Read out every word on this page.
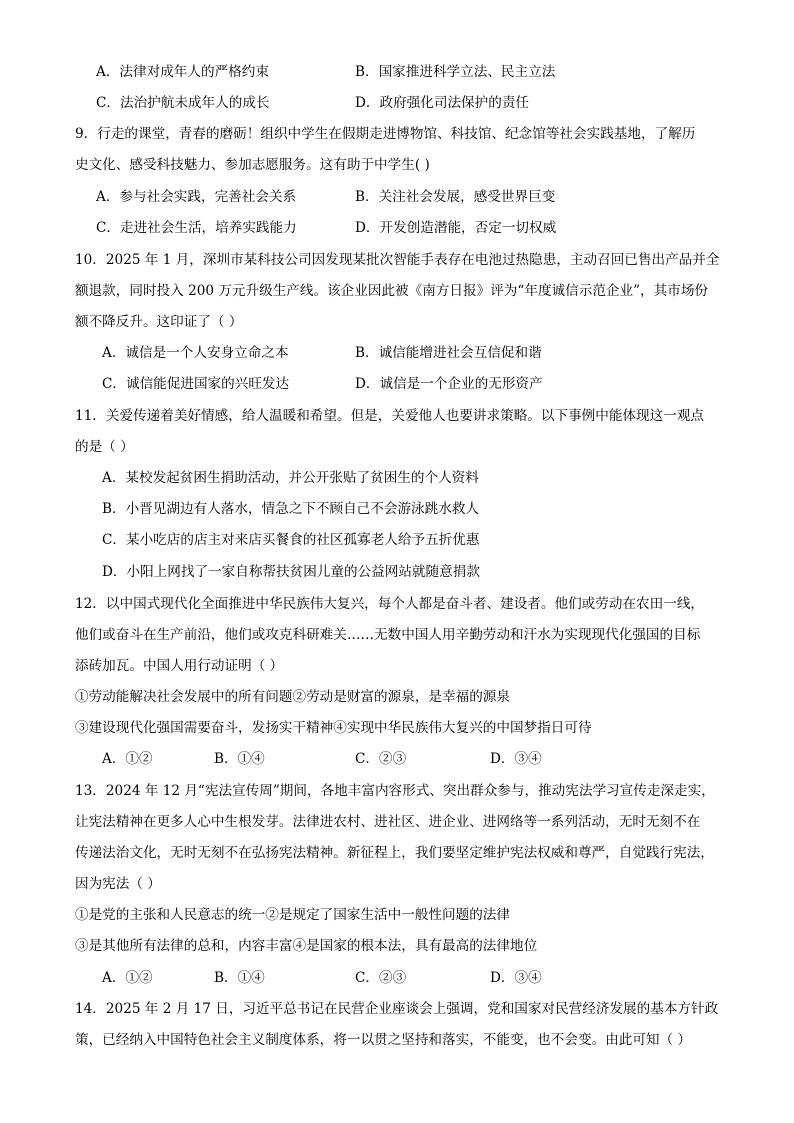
A．法律对成年人的严格约束	B．国家推进科学立法、民主立法
C．法治护航未成年人的成长	D．政府强化司法保护的责任
9．行走的课堂，青春的磨砺！组织中学生在假期走进博物馆、科技馆、纪念馆等社会实践基地，了解历
史文化、感受科技魅力、参加志愿服务。这有助于中学生( )
A．参与社会实践，完善社会关系	B．关注社会发展，感受世界巨变
C．走进社会生活，培养实践能力	D．开发创造潜能，否定一切权威
10．2025 年 1 月，深圳市某科技公司因发现某批次智能手表存在电池过热隐患，主动召回已售出产品并全
额退款，同时投入 200 万元升级生产线。该企业因此被《南方日报》评为“年度诚信示范企业”，其市场份
额不降反升。这印证了（ ）
A．诚信是一个人安身立命之本	B．诚信能增进社会互信促和谐
C．诚信能促进国家的兴旺发达	D．诚信是一个企业的无形资产
11．关爱传递着美好情感，给人温暖和希望。但是，关爱他人也要讲求策略。以下事例中能体现这一观点
的是（ ）
A．某校发起贫困生捐助活动，并公开张贴了贫困生的个人资料
B．小晋见湖边有人落水，情急之下不顾自己不会游泳跳水救人
C．某小吃店的店主对来店买餐食的社区孤寡老人给予五折优惠
D．小阳上网找了一家自称帮扶贫困儿童的公益网站就随意捐款
12．以中国式现代化全面推进中华民族伟大复兴，每个人都是奋斗者、建设者。他们或劳动在农田一线，
他们或奋斗在生产前沿，他们或攻克科研难关……无数中国人用辛勤劳动和汗水为实现现代化强国的目标
添砖加瓦。中国人用行动证明（ ）
①劳动能解决社会发展中的所有问题②劳动是财富的源泉，是幸福的源泉
③建设现代化强国需要奋斗，发扬实干精神④实现中华民族伟大复兴的中国梦指日可待
A．①②	B．①④	C．②③	D．③④
13．2024 年 12 月“宪法宣传周”期间，各地丰富内容形式、突出群众参与，推动宪法学习宣传走深走实，
让宪法精神在更多人心中生根发芽。法律进农村、进社区、进企业、进网络等一系列活动，无时无刻不在
传递法治文化，无时无刻不在弘扬宪法精神。新征程上，我们要坚定维护宪法权威和尊严，自觉践行宪法，
因为宪法（ ）
①是党的主张和人民意志的统一②是规定了国家生活中一般性问题的法律
③是其他所有法律的总和，内容丰富④是国家的根本法，具有最高的法律地位
A．①②	B．①④	C．②③	D．③④
14．2025 年 2 月 17 日，习近平总书记在民营企业座谈会上强调，党和国家对民营经济发展的基本方针政
策，已经纳入中国特色社会主义制度体系，将一以贯之坚持和落实，不能变，也不会变。由此可知（ ）
